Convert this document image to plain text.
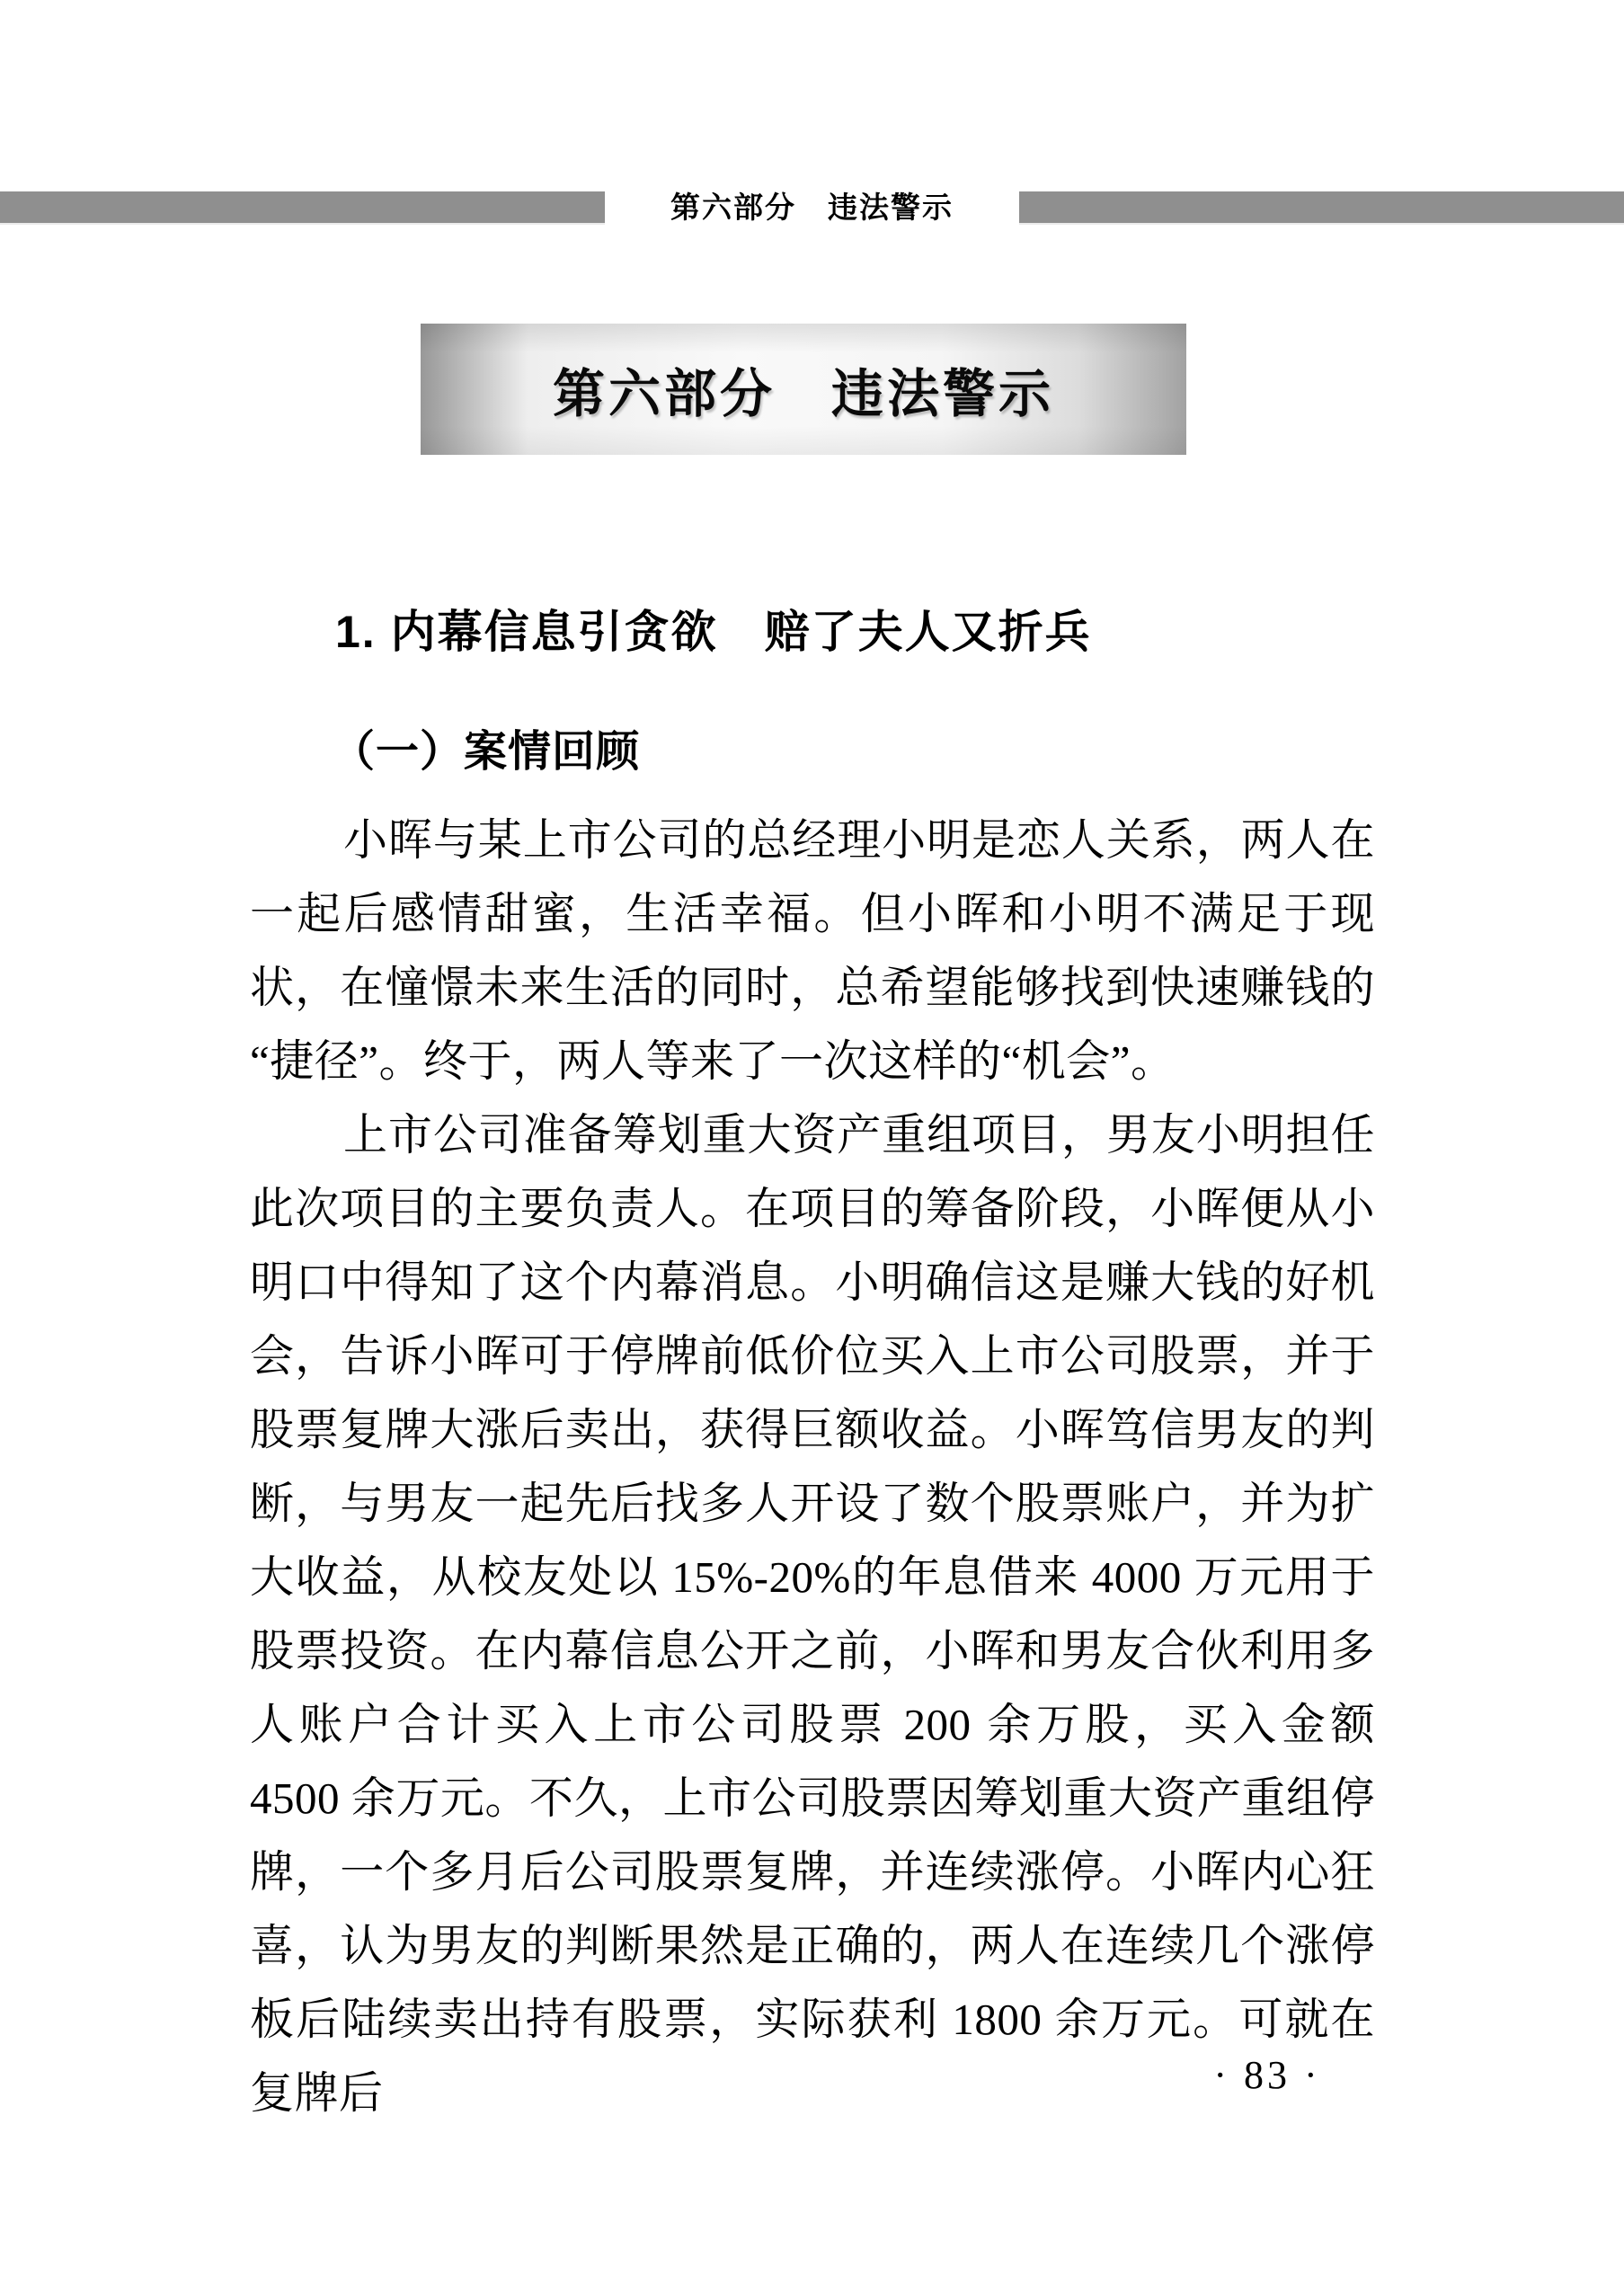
第六部分　违法警示
第六部分　违法警示
1. 内幕信息引贪欲　赔了夫人又折兵
（一）案情回顾

小晖与某上市公司的总经理小明是恋人关系，两人在一起后感情甜蜜，生活幸福。但小晖和小明不满足于现状，在憧憬未来生活的同时，总希望能够找到快速赚钱的“捷径”。终于，两人等来了一次这样的“机会”。

上市公司准备筹划重大资产重组项目，男友小明担任此次项目的主要负责人。在项目的筹备阶段，小晖便从小明口中得知了这个内幕消息。小明确信这是赚大钱的好机会，告诉小晖可于停牌前低价位买入上市公司股票，并于股票复牌大涨后卖出，获得巨额收益。小晖笃信男友的判断，与男友一起先后找多人开设了数个股票账户，并为扩大收益，从校友处以 15%-20%的年息借来 4000 万元用于股票投资。在内幕信息公开之前，小晖和男友合伙利用多人账户合计买入上市公司股票 200 余万股，买入金额 4500 余万元。不久，上市公司股票因筹划重大资产重组停牌，一个多月后公司股票复牌，并连续涨停。小晖内心狂喜，认为男友的判断果然是正确的，两人在连续几个涨停板后陆续卖出持有股票，实际获利 1800 余万元。可就在复牌后	· 83 ·
